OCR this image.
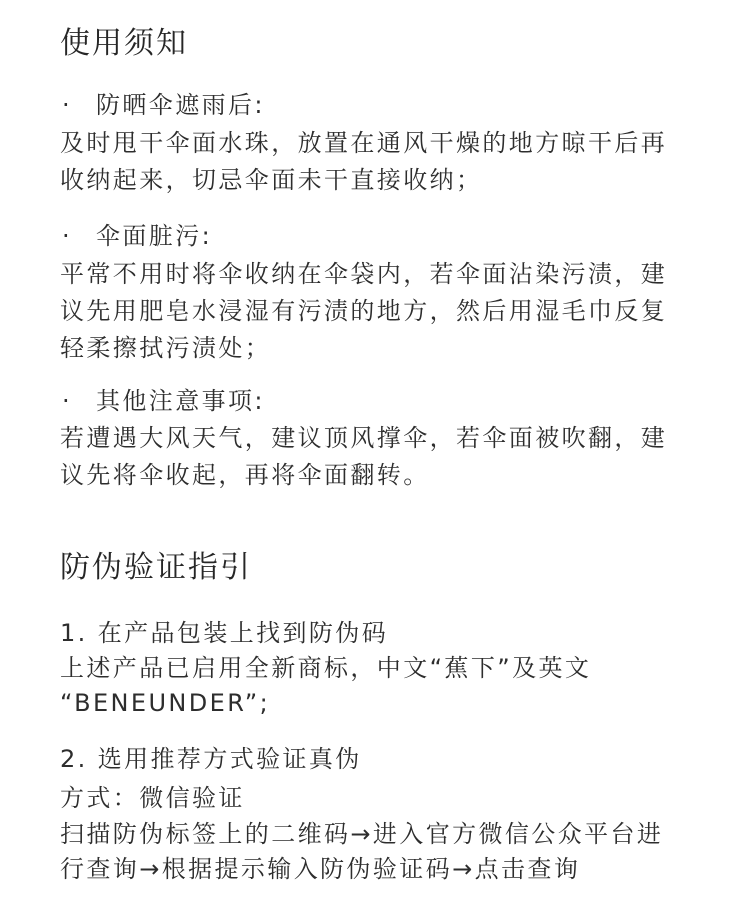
使用须知
· 防晒伞遮雨后:

及时甩干伞面水珠，放置在通风干燥的地方晾干后再

收纳起来，切忌伞面未干直接收纳；

· 伞面脏污:

平常不用时将伞收纳在伞袋内，若伞面沾染污渍，建

议先用肥皂水浸湿有污渍的地方，然后用湿毛巾反复

轻柔擦拭污渍处；

· 其他注意事项:

若遭遇大风天气，建议顶风撑伞，若伞面被吹翻，建

议先将伞收起，再将伞面翻转。

防伪验证指引

1. 在产品包装上找到防伪码

上述产品已启用全新商标，中文“蕉下”及英文

“BENEUNDER”;

2. 选用推荐方式验证真伪

方式：微信验证

扫描防伪标签上的二维码→进入官方微信公众平台进

行查询→根据提示输入防伪验证码→点击查询
